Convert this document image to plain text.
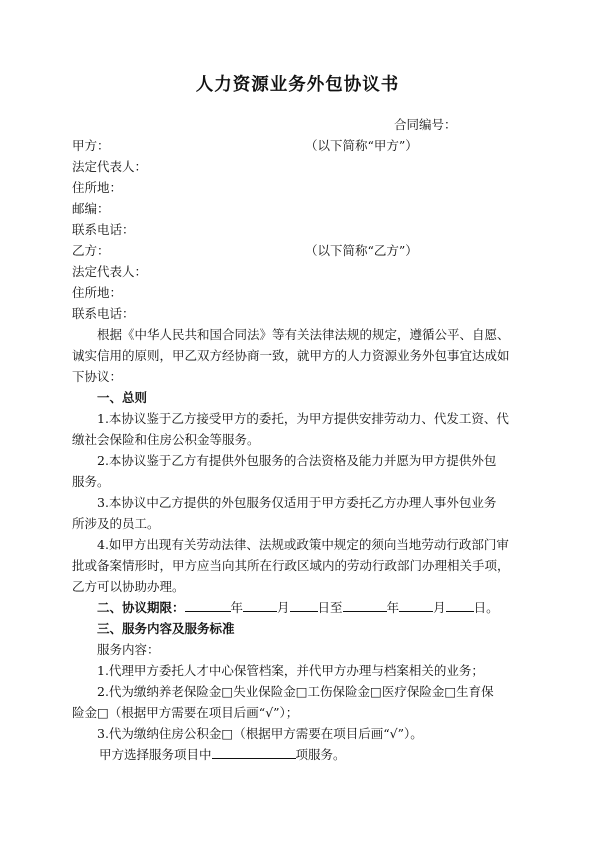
人力资源业务外包协议书
合同编号：
甲方：	（以下简称“甲方”）
法定代表人：
住所地：
邮编：
联系电话：
乙方：	（以下简称“乙方”）
法定代表人：
住所地：
联系电话：
根据《中华人民共和国合同法》等有关法律法规的规定，遵循公平、自愿、
诚实信用的原则，甲乙双方经协商一致，就甲方的人力资源业务外包事宜达成如
下协议：
一、总则
1.本协议鉴于乙方接受甲方的委托，为甲方提供安排劳动力、代发工资、代
缴社会保险和住房公积金等服务。
2.本协议鉴于乙方有提供外包服务的合法资格及能力并愿为甲方提供外包
服务。
3.本协议中乙方提供的外包服务仅适用于甲方委托乙方办理人事外包业务
所涉及的员工。
4.如甲方出现有关劳动法律、法规或政策中规定的须向当地劳动行政部门审
批或备案情形时，甲方应当向其所在行政区域内的劳动行政部门办理相关手项，
乙方可以协助办理。
二、协议期限：	年	月 日至	年	月 日。
三、服务内容及服务标准
服务内容：
1.代理甲方委托人才中心保管档案，并代甲方办理与档案相关的业务；
2.代为缴纳养老保险金□失业保险金□工伤保险金□医疗保险金□生育保
险金□（根据甲方需要在项目后画“√”）；
3.代为缴纳住房公积金□（根据甲方需要在项目后画“√”）。
甲方选择服务项目中	项服务。
